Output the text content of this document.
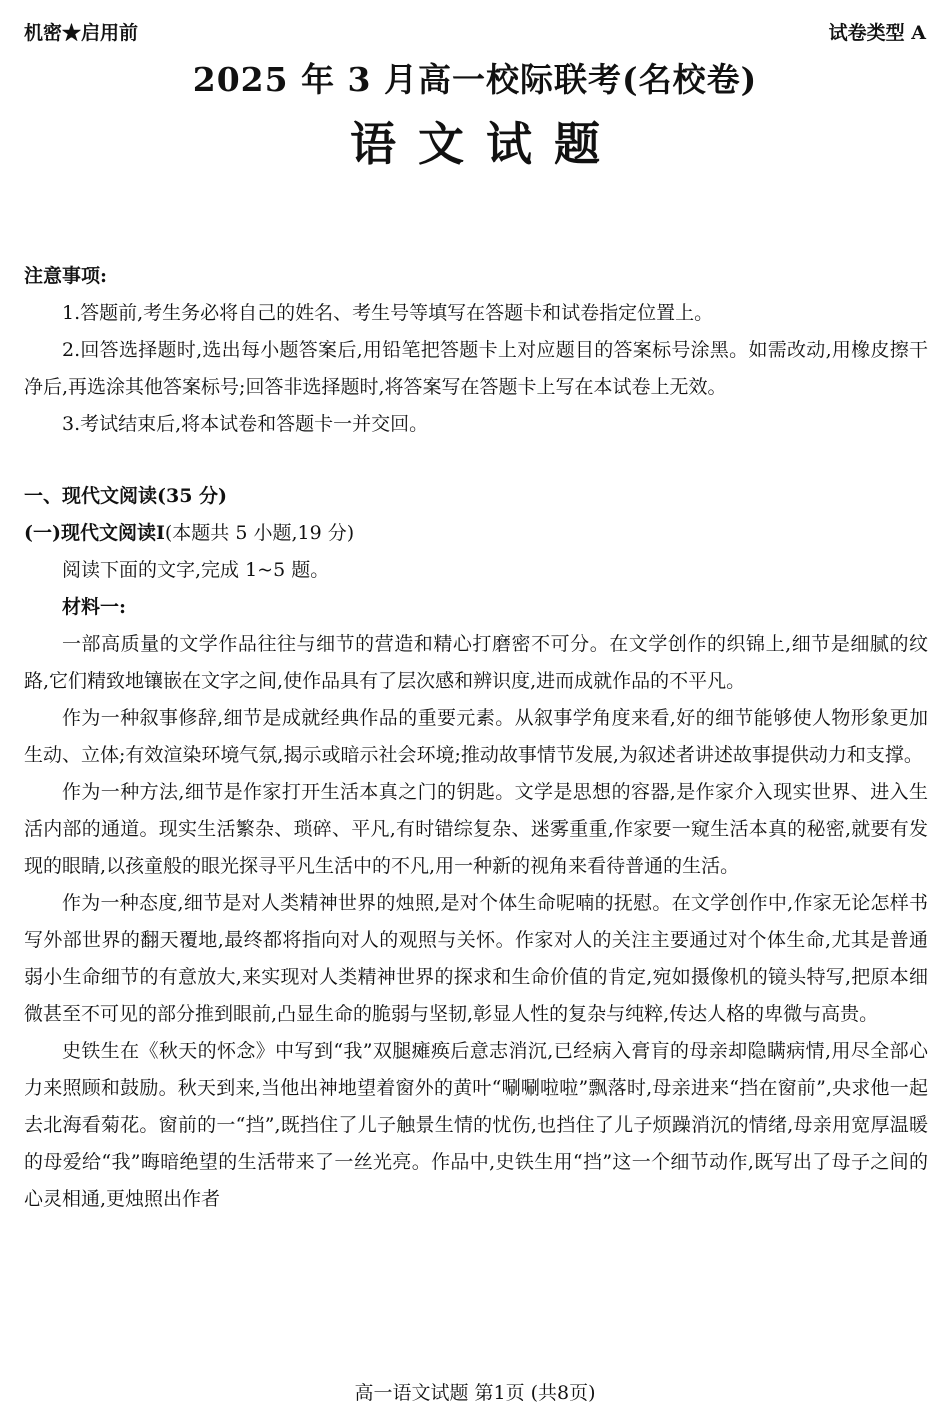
机密★启用前	试卷类型 A
2025 年 3 月高一校际联考(名校卷)
语文试题

注意事项:

1.答题前,考生务必将自己的姓名、考生号等填写在答题卡和试卷指定位置上。

2.回答选择题时,选出每小题答案后,用铅笔把答题卡上对应题目的答案标号涂黑。如需改动,用橡皮擦干净后,再选涂其他答案标号;回答非选择题时,将答案写在答题卡上写在本试卷上无效。

3.考试结束后,将本试卷和答题卡一并交回。

一、现代文阅读(35 分)

(一)现代文阅读Ⅰ(本题共 5 小题,19 分)

阅读下面的文字,完成 1~5 题。

材料一:

一部高质量的文学作品往往与细节的营造和精心打磨密不可分。在文学创作的织锦上,细节是细腻的纹路,它们精致地镶嵌在文字之间,使作品具有了层次感和辨识度,进而成就作品的不平凡。

作为一种叙事修辞,细节是成就经典作品的重要元素。从叙事学角度来看,好的细节能够使人物形象更加生动、立体;有效渲染环境气氛,揭示或暗示社会环境;推动故事情节发展,为叙述者讲述故事提供动力和支撑。

作为一种方法,细节是作家打开生活本真之门的钥匙。文学是思想的容器,是作家介入现实世界、进入生活内部的通道。现实生活繁杂、琐碎、平凡,有时错综复杂、迷雾重重,作家要一窥生活本真的秘密,就要有发现的眼睛,以孩童般的眼光探寻平凡生活中的不凡,用一种新的视角来看待普通的生活。

作为一种态度,细节是对人类精神世界的烛照,是对个体生命呢喃的抚慰。在文学创作中,作家无论怎样书写外部世界的翻天覆地,最终都将指向对人的观照与关怀。作家对人的关注主要通过对个体生命,尤其是普通弱小生命细节的有意放大,来实现对人类精神世界的探求和生命价值的肯定,宛如摄像机的镜头特写,把原本细微甚至不可见的部分推到眼前,凸显生命的脆弱与坚韧,彰显人性的复杂与纯粹,传达人格的卑微与高贵。

史铁生在《秋天的怀念》中写到“我”双腿瘫痪后意志消沉,已经病入膏肓的母亲却隐瞒病情,用尽全部心力来照顾和鼓励。秋天到来,当他出神地望着窗外的黄叶“唰唰啦啦”飘落时,母亲进来“挡在窗前”,央求他一起去北海看菊花。窗前的一“挡”,既挡住了儿子触景生情的忧伤,也挡住了儿子烦躁消沉的情绪,母亲用宽厚温暖的母爱给“我”晦暗绝望的生活带来了一丝光亮。作品中,史铁生用“挡”这一个细节动作,既写出了母子之间的心灵相通,更烛照出作者

高一语文试题 第1页 (共8页)
